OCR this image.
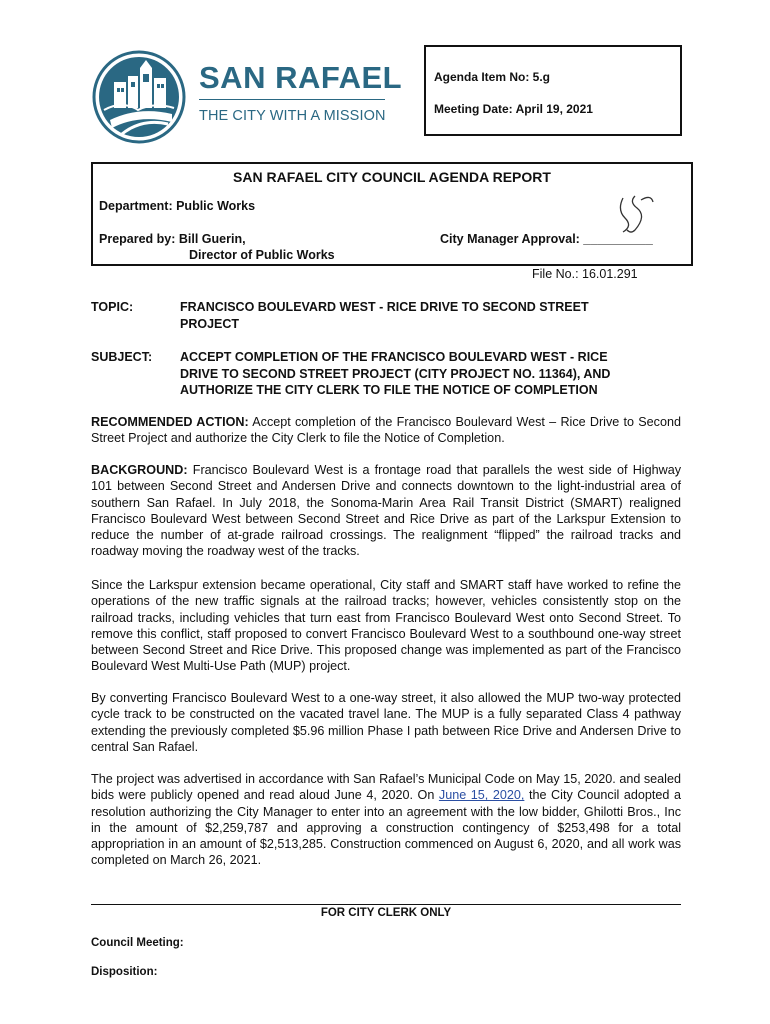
SAN RAFAEL
THE CITY WITH A MISSION
Agenda Item No: 5.g
Meeting Date: April 19, 2021
SAN RAFAEL CITY COUNCIL AGENDA REPORT
Department: Public Works
Prepared by: Bill Guerin,
Director of Public Works
City Manager Approval: __________
File No.: 16.01.291
TOPIC:	FRANCISCO BOULEVARD WEST - RICE DRIVE TO SECOND STREET
PROJECT
SUBJECT: ACCEPT COMPLETION OF THE FRANCISCO BOULEVARD WEST - RICE
DRIVE TO SECOND STREET PROJECT (CITY PROJECT NO. 11364), AND
AUTHORIZE THE CITY CLERK TO FILE THE NOTICE OF COMPLETION
RECOMMENDED ACTION: Accept completion of the Francisco Boulevard West – Rice Drive to Second Street Project and authorize the City Clerk to file the Notice of Completion.
BACKGROUND: Francisco Boulevard West is a frontage road that parallels the west side of Highway 101 between Second Street and Andersen Drive and connects downtown to the light-industrial area of southern San Rafael. In July 2018, the Sonoma-Marin Area Rail Transit District (SMART) realigned Francisco Boulevard West between Second Street and Rice Drive as part of the Larkspur Extension to reduce the number of at-grade railroad crossings. The realignment “flipped” the railroad tracks and roadway moving the roadway west of the tracks.
Since the Larkspur extension became operational, City staff and SMART staff have worked to refine the operations of the new traffic signals at the railroad tracks; however, vehicles consistently stop on the railroad tracks, including vehicles that turn east from Francisco Boulevard West onto Second Street. To remove this conflict, staff proposed to convert Francisco Boulevard West to a southbound one-way street between Second Street and Rice Drive. This proposed change was implemented as part of the Francisco Boulevard West Multi-Use Path (MUP) project.
By converting Francisco Boulevard West to a one-way street, it also allowed the MUP two-way protected cycle track to be constructed on the vacated travel lane. The MUP is a fully separated Class 4 pathway extending the previously completed $5.96 million Phase I path between Rice Drive and Andersen Drive to central San Rafael.
The project was advertised in accordance with San Rafael’s Municipal Code on May 15, 2020. and sealed bids were publicly opened and read aloud June 4, 2020. On June 15, 2020, the City Council adopted a resolution authorizing the City Manager to enter into an agreement with the low bidder, Ghilotti Bros., Inc in the amount of $2,259,787 and approving a construction contingency of $253,498 for a total appropriation in an amount of $2,513,285. Construction commenced on August 6, 2020, and all work was completed on March 26, 2021.
FOR CITY CLERK ONLY
Council Meeting:
Disposition:
